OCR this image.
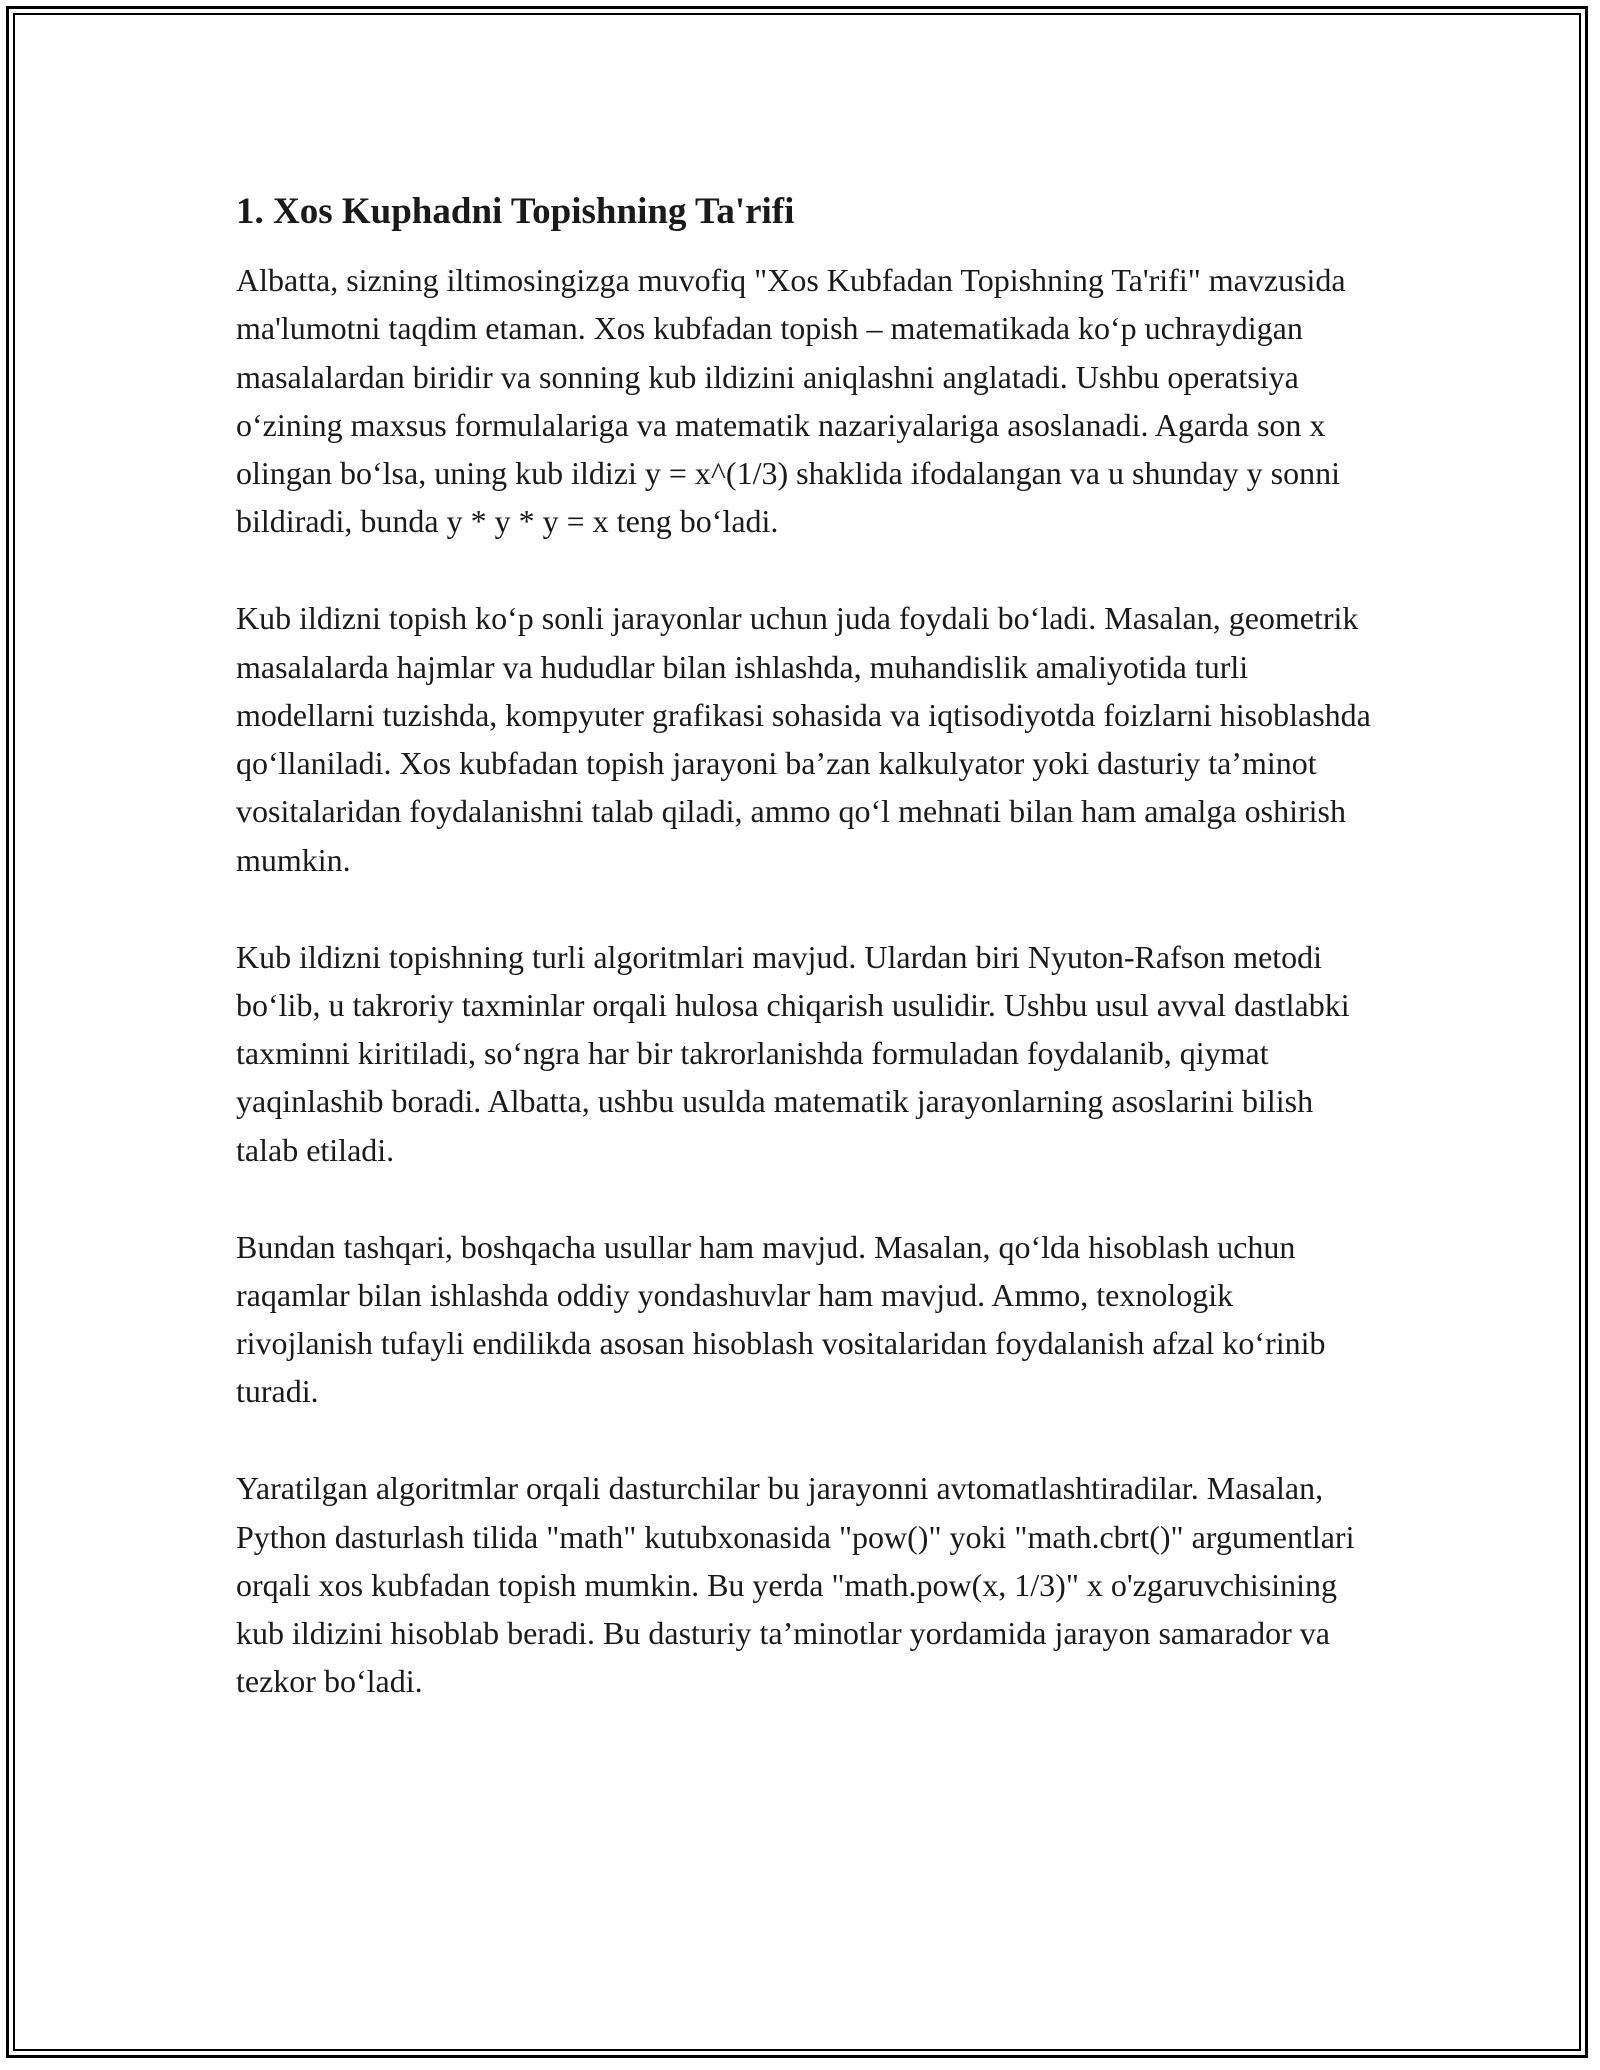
1. Xos Kuphadni Topishning Ta'rifi

Albatta, sizning iltimosingizga muvofiq "Xos Kubfadan Topishning Ta'rifi" mavzusida ma'lumotni taqdim etaman. Xos kubfadan topish – matematikada koʻp uchraydigan masalalardan biridir va sonning kub ildizini aniqlashni anglatadi. Ushbu operatsiya oʻzining maxsus formulalariga va matematik nazariyalariga asoslanadi. Agarda son x olingan boʻlsa, uning kub ildizi y = x^(1/3) shaklida ifodalangan va u shunday y sonni bildiradi, bunda y * y * y = x teng boʻladi.

Kub ildizni topish koʻp sonli jarayonlar uchun juda foydali boʻladi. Masalan, geometrik masalalarda hajmlar va hududlar bilan ishlashda, muhandislik amaliyotida turli modellarni tuzishda, kompyuter grafikasi sohasida va iqtisodiyotda foizlarni hisoblashda qoʻllaniladi. Xos kubfadan topish jarayoni ba’zan kalkulyator yoki dasturiy ta’minot vositalaridan foydalanishni talab qiladi, ammo qoʻl mehnati bilan ham amalga oshirish mumkin.

Kub ildizni topishning turli algoritmlari mavjud. Ulardan biri Nyuton-Rafson metodi boʻlib, u takroriy taxminlar orqali hulosa chiqarish usulidir. Ushbu usul avval dastlabki taxminni kiritiladi, soʻngra har bir takrorlanishda formuladan foydalanib, qiymat yaqinlashib boradi. Albatta, ushbu usulda matematik jarayonlarning asoslarini bilish talab etiladi.

Bundan tashqari, boshqacha usullar ham mavjud. Masalan, qoʻlda hisoblash uchun raqamlar bilan ishlashda oddiy yondashuvlar ham mavjud. Ammo, texnologik rivojlanish tufayli endilikda asosan hisoblash vositalaridan foydalanish afzal koʻrinib turadi.

Yaratilgan algoritmlar orqali dasturchilar bu jarayonni avtomatlashtiradilar. Masalan, Python dasturlash tilida "math" kutubxonasida "pow()" yoki "math.cbrt()" argumentlari orqali xos kubfadan topish mumkin. Bu yerda "math.pow(x, 1/3)" x o'zgaruvchisining kub ildizini hisoblab beradi. Bu dasturiy ta’minotlar yordamida jarayon samarador va tezkor boʻladi.
